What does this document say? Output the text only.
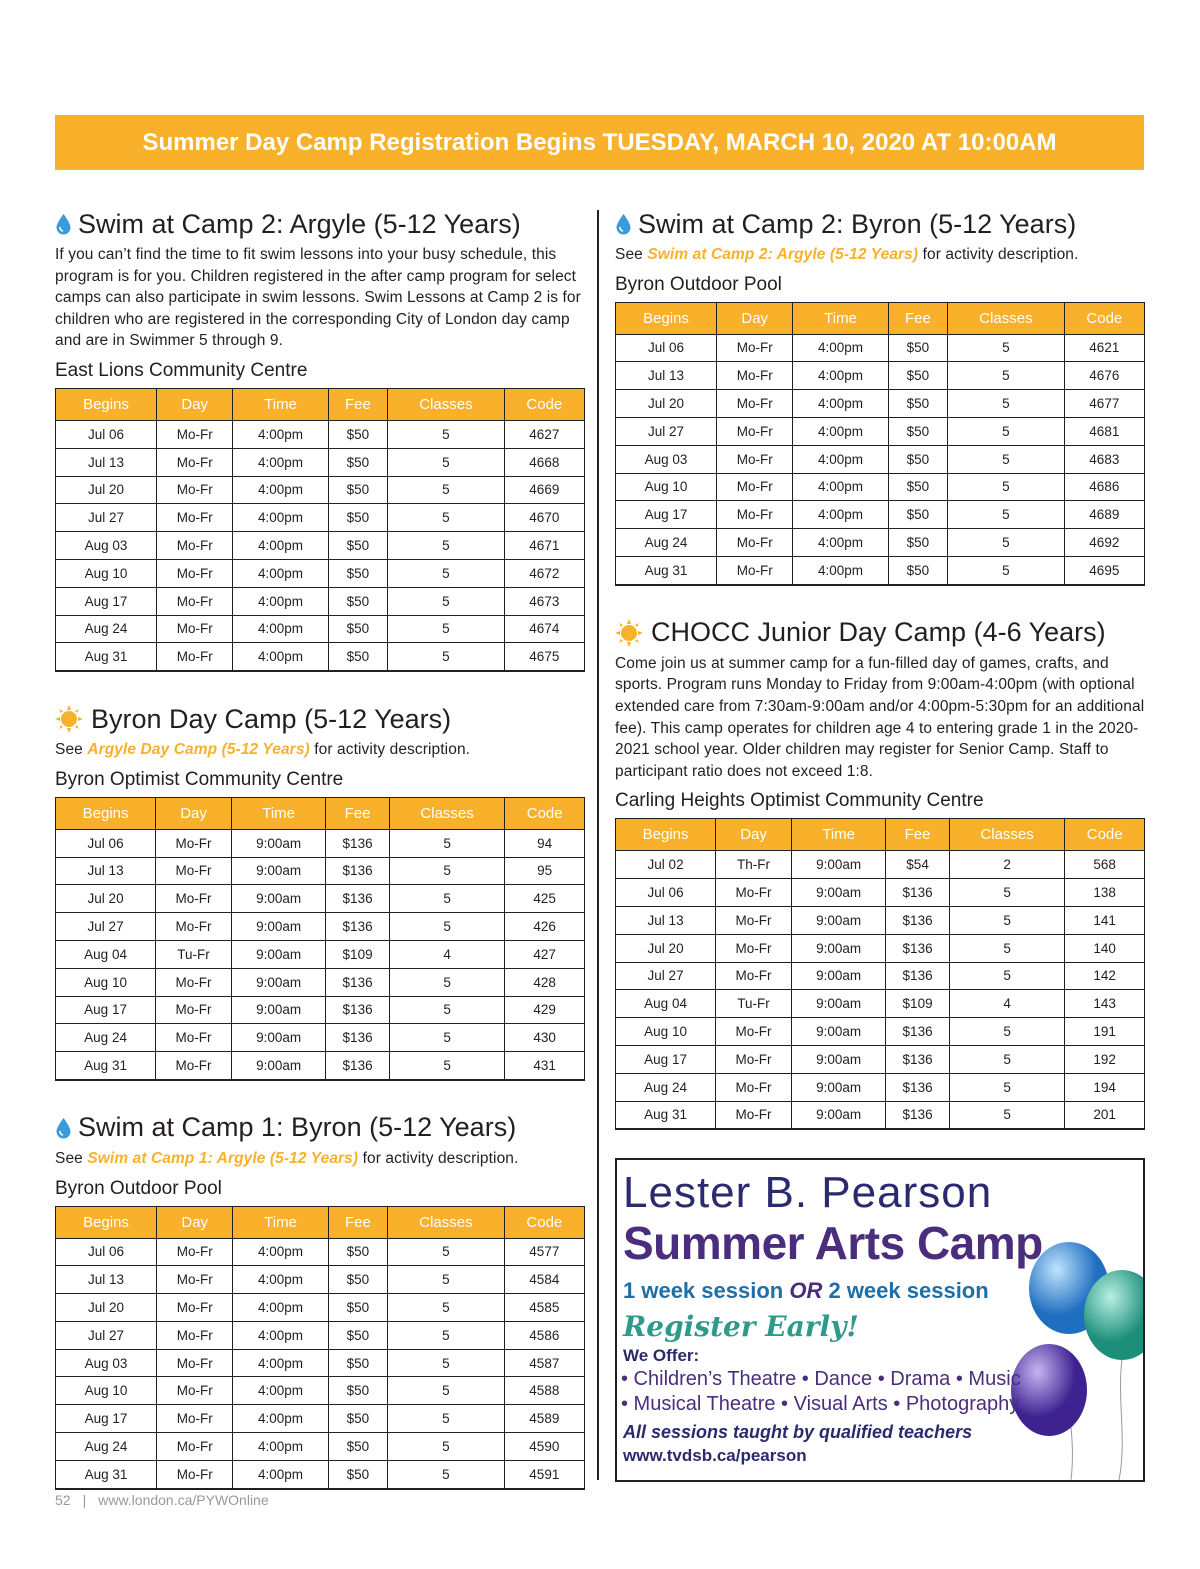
Summer Day Camp Registration Begins TUESDAY, MARCH 10, 2020 AT 10:00AM
Swim at Camp 2: Argyle (5-12 Years)

If you can’t find the time to fit swim lessons into your busy schedule, this program is for you. Children registered in the after camp program for select camps can also participate in swim lessons. Swim Lessons at Camp 2 is for children who are registered in the corresponding City of London day camp and are in Swimmer 5 through 9.

East Lions Community Centre
Begins	Day	Time	Fee	Classes	Code
Jul 06	Mo-Fr	4:00pm	$50	5	4627
Jul 13	Mo-Fr	4:00pm	$50	5	4668
Jul 20	Mo-Fr	4:00pm	$50	5	4669
Jul 27	Mo-Fr	4:00pm	$50	5	4670
Aug 03	Mo-Fr	4:00pm	$50	5	4671
Aug 10	Mo-Fr	4:00pm	$50	5	4672
Aug 17	Mo-Fr	4:00pm	$50	5	4673
Aug 24	Mo-Fr	4:00pm	$50	5	4674
Aug 31	Mo-Fr	4:00pm	$50	5	4675
Byron Day Camp (5-12 Years)

See Argyle Day Camp (5-12 Years) for activity description.

Byron Optimist Community Centre
Begins	Day	Time	Fee	Classes	Code
Jul 06	Mo-Fr	9:00am	$136	5	94
Jul 13	Mo-Fr	9:00am	$136	5	95
Jul 20	Mo-Fr	9:00am	$136	5	425
Jul 27	Mo-Fr	9:00am	$136	5	426
Aug 04	Tu-Fr	9:00am	$109	4	427
Aug 10	Mo-Fr	9:00am	$136	5	428
Aug 17	Mo-Fr	9:00am	$136	5	429
Aug 24	Mo-Fr	9:00am	$136	5	430
Aug 31	Mo-Fr	9:00am	$136	5	431
Swim at Camp 1: Byron (5-12 Years)

See Swim at Camp 1: Argyle (5-12 Years) for activity description.

Byron Outdoor Pool
Begins	Day	Time	Fee	Classes	Code
Jul 06	Mo-Fr	4:00pm	$50	5	4577
Jul 13	Mo-Fr	4:00pm	$50	5	4584
Jul 20	Mo-Fr	4:00pm	$50	5	4585
Jul 27	Mo-Fr	4:00pm	$50	5	4586
Aug 03	Mo-Fr	4:00pm	$50	5	4587
Aug 10	Mo-Fr	4:00pm	$50	5	4588
Aug 17	Mo-Fr	4:00pm	$50	5	4589
Aug 24	Mo-Fr	4:00pm	$50	5	4590
Aug 31	Mo-Fr	4:00pm	$50	5	4591
Swim at Camp 2: Byron (5-12 Years)

See Swim at Camp 2: Argyle (5-12 Years) for activity description.

Byron Outdoor Pool
Begins	Day	Time	Fee	Classes	Code
Jul 06	Mo-Fr	4:00pm	$50	5	4621
Jul 13	Mo-Fr	4:00pm	$50	5	4676
Jul 20	Mo-Fr	4:00pm	$50	5	4677
Jul 27	Mo-Fr	4:00pm	$50	5	4681
Aug 03	Mo-Fr	4:00pm	$50	5	4683
Aug 10	Mo-Fr	4:00pm	$50	5	4686
Aug 17	Mo-Fr	4:00pm	$50	5	4689
Aug 24	Mo-Fr	4:00pm	$50	5	4692
Aug 31	Mo-Fr	4:00pm	$50	5	4695
CHOCC Junior Day Camp (4-6 Years)

Come join us at summer camp for a fun-filled day of games, crafts, and sports. Program runs Monday to Friday from 9:00am-4:00pm (with optional extended care from 7:30am-9:00am and/or 4:00pm-5:30pm for an additional fee). This camp operates for children age 4 to entering grade 1 in the 2020-2021 school year. Older children may register for Senior Camp. Staff to participant ratio does not exceed 1:8.

Carling Heights Optimist Community Centre
Begins	Day	Time	Fee	Classes	Code
Jul 02	Th-Fr	9:00am	$54	2	568
Jul 06	Mo-Fr	9:00am	$136	5	138
Jul 13	Mo-Fr	9:00am	$136	5	141
Jul 20	Mo-Fr	9:00am	$136	5	140
Jul 27	Mo-Fr	9:00am	$136	5	142
Aug 04	Tu-Fr	9:00am	$109	4	143
Aug 10	Mo-Fr	9:00am	$136	5	191
Aug 17	Mo-Fr	9:00am	$136	5	192
Aug 24	Mo-Fr	9:00am	$136	5	194
Aug 31	Mo-Fr	9:00am	$136	5	201
Lester B. Pearson
Summer Arts Camp
1 week session OR 2 week session
Register Early!
We Offer:
• Children’s Theatre • Dance • Drama • Music
• Musical Theatre • Visual Arts • Photography
All sessions taught by qualified teachers
www.tvdsb.ca/pearson
52 | www.london.ca/PYWOnline
